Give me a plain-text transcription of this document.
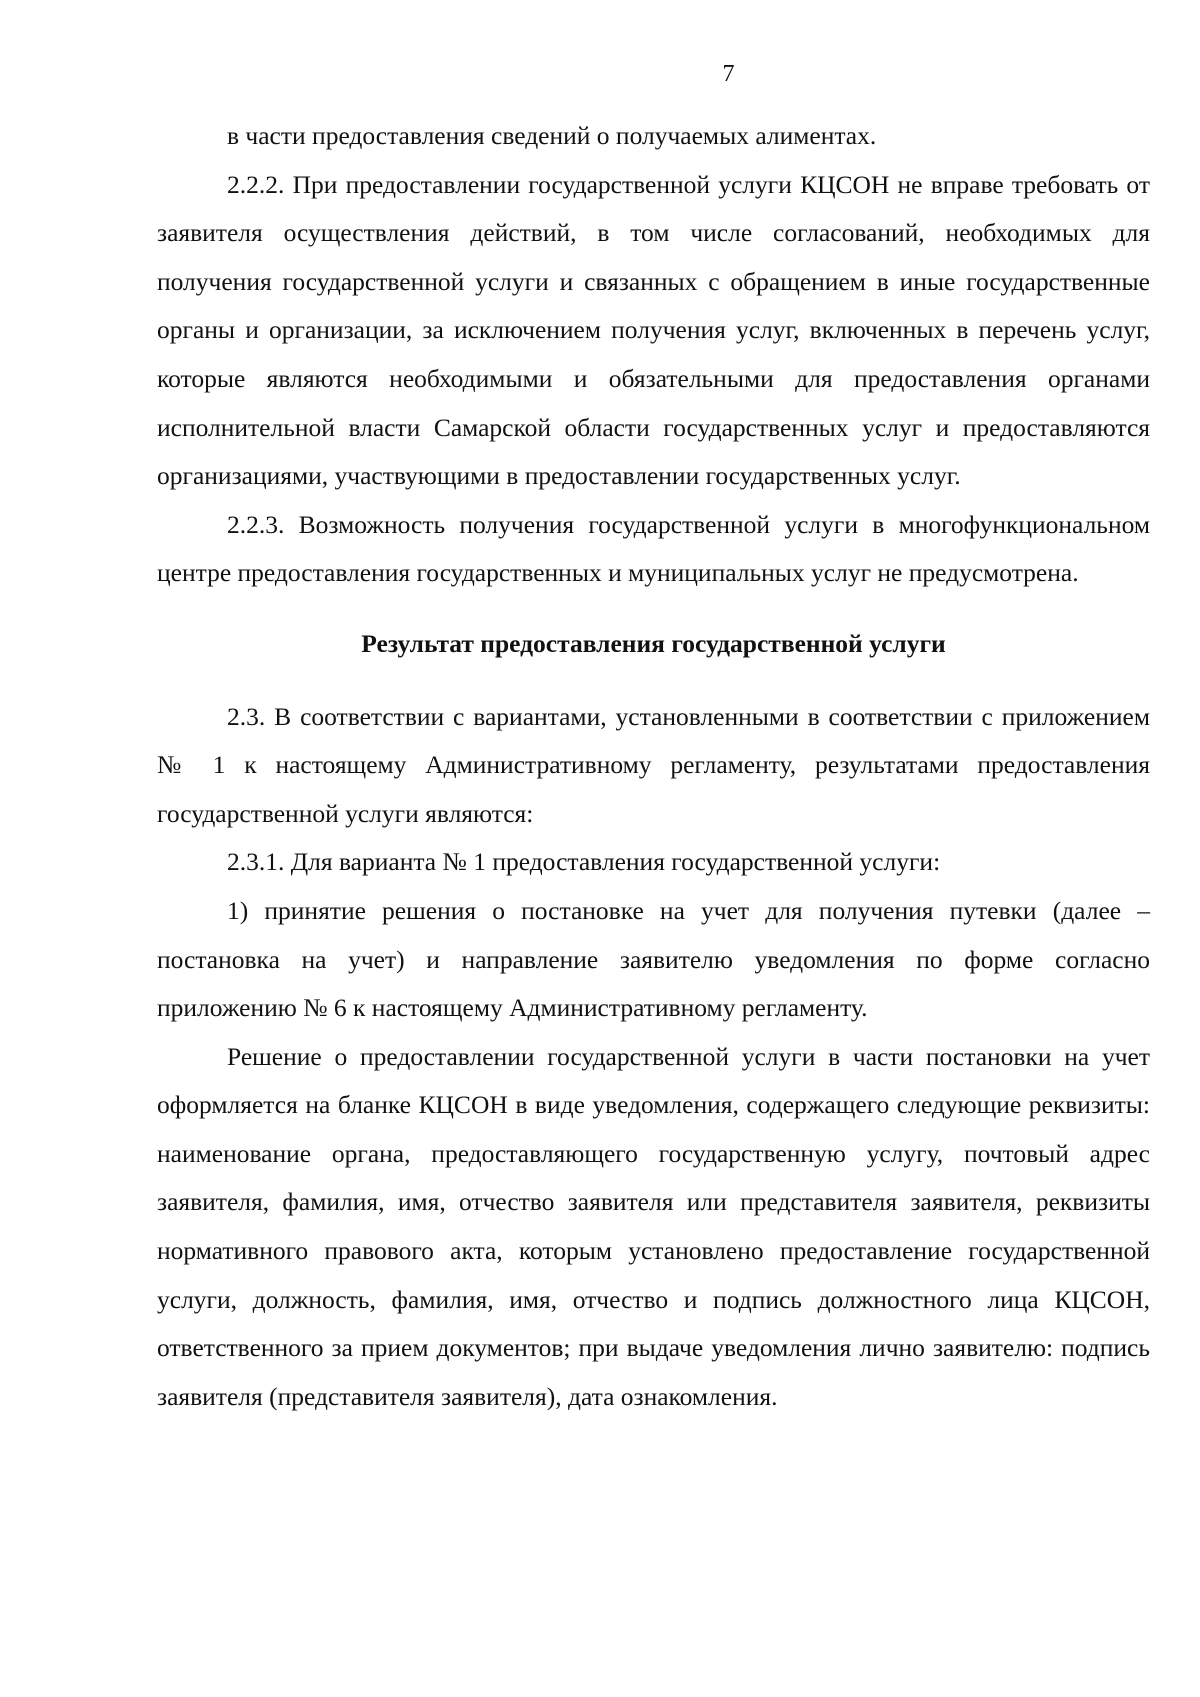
7

в части предоставления сведений о получаемых алиментах.

2.2.2. При предоставлении государственной услуги КЦСОН не вправе требовать от заявителя осуществления действий, в том числе согласований, необходимых для получения государственной услуги и связанных с обращением в иные государственные органы и организации, за исключением получения услуг, включенных в перечень услуг, которые являются необходимыми и обязательными для предоставления органами исполнительной власти Самарской области государственных услуг и предоставляются организациями, участвующими в предоставлении государственных услуг.

2.2.3. Возможность получения государственной услуги в многофункциональном центре предоставления государственных и муниципальных услуг не предусмотрена.

Результат предоставления государственной услуги

2.3. В соответствии с вариантами, установленными в соответствии с приложением № 1 к настоящему Административному регламенту, результатами предоставления государственной услуги являются:

2.3.1. Для варианта № 1 предоставления государственной услуги:

1) принятие решения о постановке на учет для получения путевки (далее – постановка на учет) и направление заявителю уведомления по форме согласно приложению № 6 к настоящему Административному регламенту.

Решение о предоставлении государственной услуги в части постановки на учет оформляется на бланке КЦСОН в виде уведомления, содержащего следующие реквизиты: наименование органа, предоставляющего государственную услугу, почтовый адрес заявителя, фамилия, имя, отчество заявителя или представителя заявителя, реквизиты нормативного правового акта, которым установлено предоставление государственной услуги, должность, фамилия, имя, отчество и подпись должностного лица КЦСОН, ответственного за прием документов; при выдаче уведомления лично заявителю: подпись заявителя (представителя заявителя), дата ознакомления.
